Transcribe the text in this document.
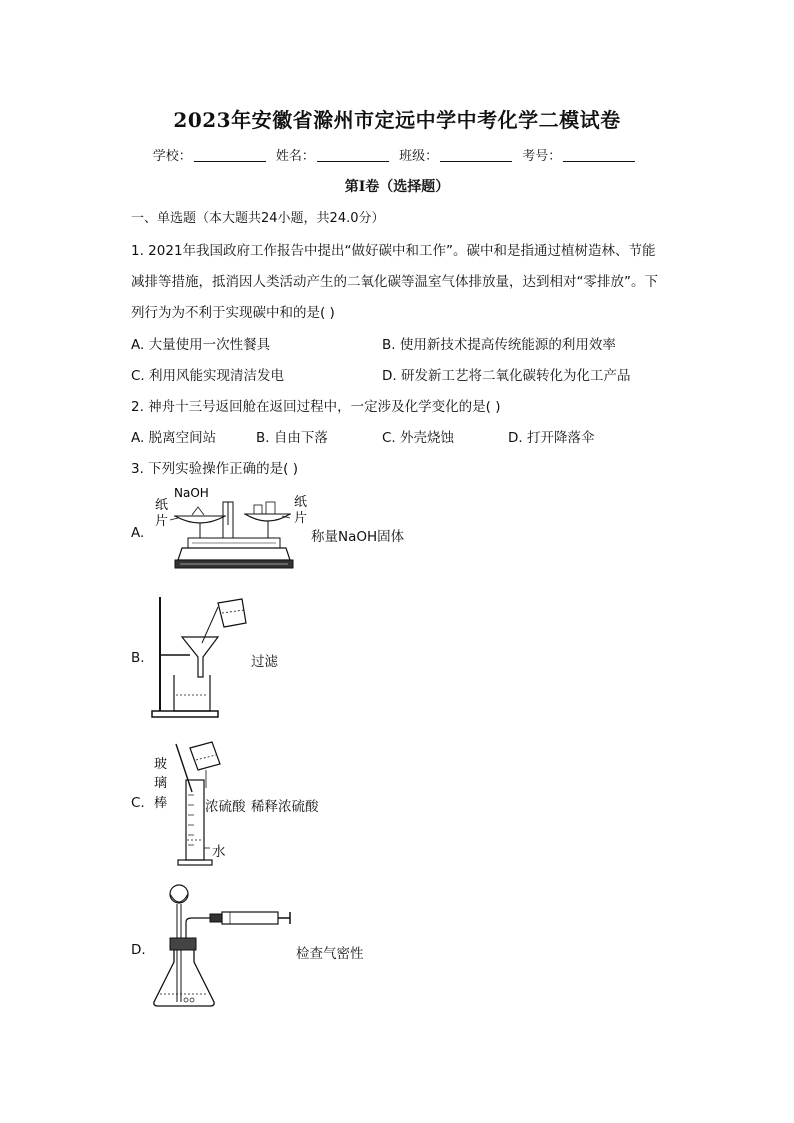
2023年安徽省滁州市定远中学中考化学二模试卷
学校：	姓名：	班级：	考号：
第Ⅰ卷（选择题）
一、单选题（本大题共24小题，共24.0分）
1. 2021年我国政府工作报告中提出“做好碳中和工作”。碳中和是指通过植树造林、节能
减排等措施，抵消因人类活动产生的二氧化碳等温室气体排放量，达到相对“零排放”。下
列行为为不利于实现碳中和的是( )
A. 大量使用一次性餐具	B. 使用新技术提高传统能源的利用效率
C. 利用风能实现清洁发电	D. 研发新工艺将二氧化碳转化为化工产品
2. 神舟十三号返回舱在返回过程中，一定涉及化学变化的是( )
A. 脱离空间站	B. 自由下落	C. 外壳烧蚀	D. 打开降落伞
3. 下列实验操作正确的是( )
A.
NaOH
纸
片
纸
片
称量NaOH固体
B.	过滤
C.
玻
璃
棒	浓硫酸 稀释浓硫酸
水
D.	检查气密性
